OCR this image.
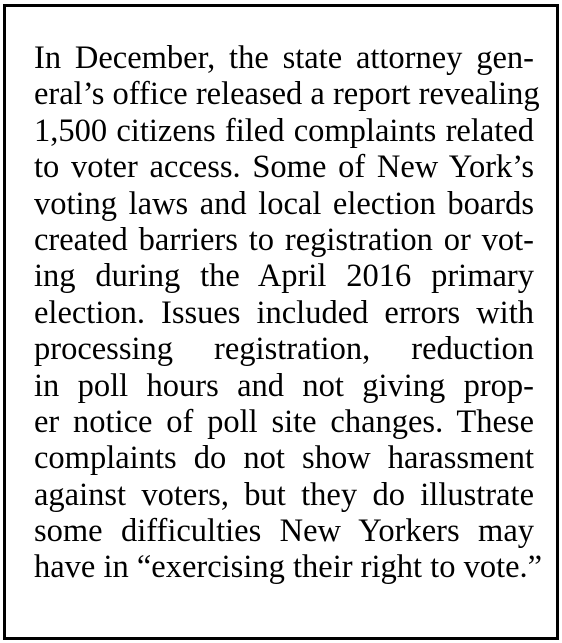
In December, the state attorney gen-
eral’s office released a report revealing
1,500 citizens filed complaints related
to voter access. Some of New York’s
voting laws and local election boards
created barriers to registration or vot-
ing during the April 2016 primary
election. Issues included errors with
processing registration, reduction
in poll hours and not giving prop-
er notice of poll site changes. These
complaints do not show harassment
against voters, but they do illustrate
some difficulties New Yorkers may
have in “exercising their right to vote.”
